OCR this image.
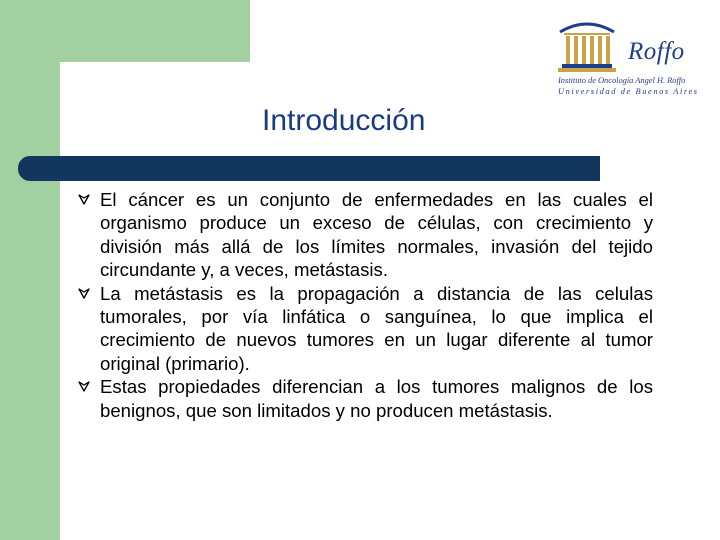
Roffo
Instituto de Oncología Angel H. Roffo
Universidad de Buenos Aires
Introducción
El cáncer es un conjunto de enfermedades en las cuales el organismo produce un exceso de células, con crecimiento y división más allá de los límites normales, invasión del tejido circundante y, a veces, metástasis.
La metástasis es la propagación a distancia de las celulas tumorales, por vía linfática o sanguínea, lo que implica el crecimiento de nuevos tumores en un lugar diferente al tumor original (primario).
Estas propiedades diferencian a los tumores malignos de los benignos, que son limitados y no producen metástasis.
